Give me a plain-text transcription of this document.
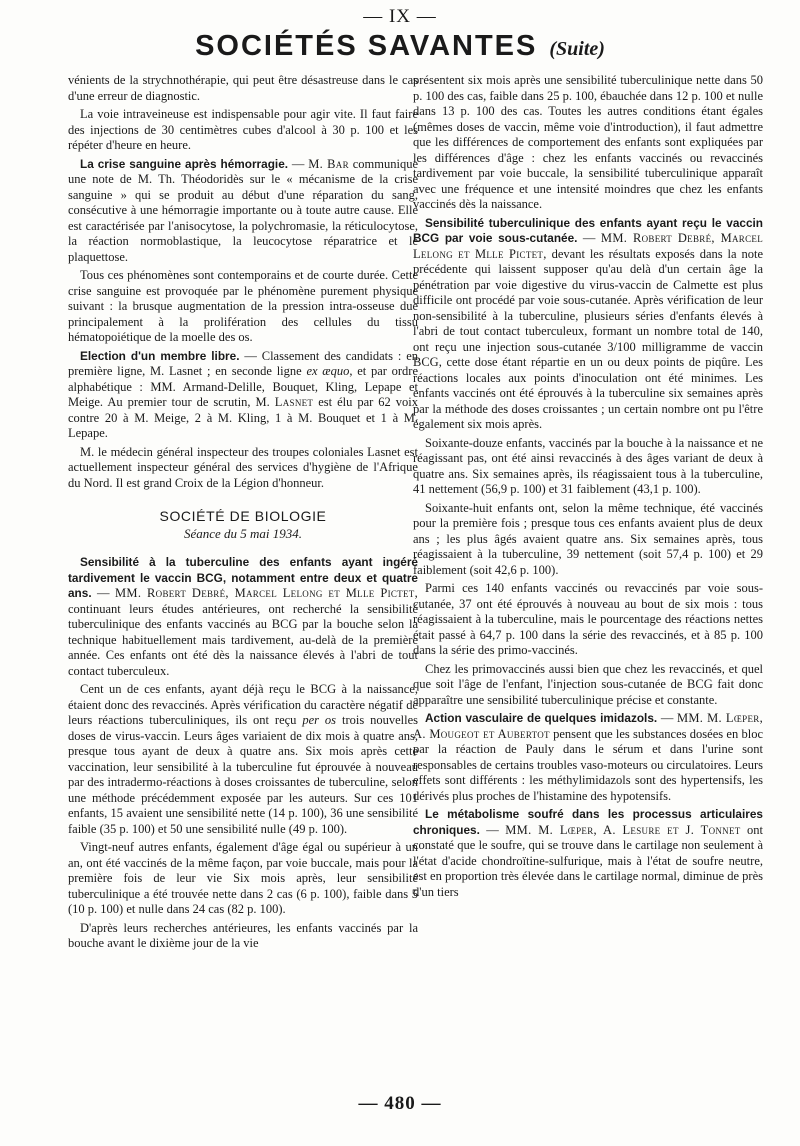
— IX —
SOCIÉTÉS SAVANTES (Suite)

vénients de la strychnothérapie, qui peut être désastreuse dans le cas d'une erreur de diagnostic.

La voie intraveineuse est indispensable pour agir vite. Il faut faire des injections de 30 centimètres cubes d'alcool à 30 p. 100 et les répéter d'heure en heure.

La crise sanguine après hémorragie. — M. Bar communique une note de M. Th. Théodoridès sur le « mécanisme de la crise sanguine » qui se produit au début d'une réparation du sang, consécutive à une hémorragie importante ou à toute autre cause. Elle est caractérisée par l'anisocytose, la polychromasie, la réticulocytose, la réaction normoblastique, la leucocytose réparatrice et le plaquettose.

Tous ces phénomènes sont contemporains et de courte durée. Cette crise sanguine est provoquée par le phénomène purement physique suivant : la brusque augmentation de la pression intra-osseuse due principalement à la prolifération des cellules du tissu hématopoiétique de la moelle des os.

Election d'un membre libre. — Classement des candidats : en première ligne, M. Lasnet ; en seconde ligne ex æquo, et par ordre alphabétique : MM. Armand-Delille, Bouquet, Kling, Lepape et Meige. Au premier tour de scrutin, M. Lasnet est élu par 62 voix contre 20 à M. Meige, 2 à M. Kling, 1 à M. Bouquet et 1 à M. Lepape.

M. le médecin général inspecteur des troupes coloniales Lasnet est actuellement inspecteur général des services d'hygiène de l'Afrique du Nord. Il est grand Croix de la Légion d'honneur.

SOCIÉTÉ DE BIOLOGIE
Séance du 5 mai 1934.

Sensibilité à la tuberculine des enfants ayant ingéré tardivement le vaccin BCG, notamment entre deux et quatre ans. — MM. Robert Debré, Marcel Lelong et Mlle Pictet, continuant leurs études antérieures, ont recherché la sensibilité tuberculinique des enfants vaccinés au BCG par la bouche selon la technique habituellement mais tardivement, au-delà de la première année. Ces enfants ont été dès la naissance élevés à l'abri de tout contact tuberculeux.

Cent un de ces enfants, ayant déjà reçu le BCG à la naissance, étaient donc des revaccinés. Après vérification du caractère négatif de leurs réactions tuberculiniques, ils ont reçu per os trois nouvelles doses de virus-vaccin. Leurs âges variaient de dix mois à quatre ans, presque tous ayant de deux à quatre ans. Six mois après cette vaccination, leur sensibilité à la tuberculine fut éprouvée à nouveau par des intradermo-réactions à doses croissantes de tuberculine, selon une méthode précédemment exposée par les auteurs. Sur ces 101 enfants, 15 avaient une sensibilité nette (14 p. 100), 36 une sensibilité faible (35 p. 100) et 50 une sensibilité nulle (49 p. 100).

Vingt-neuf autres enfants, également d'âge égal ou supérieur à un an, ont été vaccinés de la même façon, par voie buccale, mais pour la première fois de leur vie Six mois après, leur sensibilité tuberculinique a été trouvée nette dans 2 cas (6 p. 100), faible dans 5 (10 p. 100) et nulle dans 24 cas (82 p. 100).

D'après leurs recherches antérieures, les enfants vaccinés par la bouche avant le dixième jour de la vie

présentent six mois après une sensibilité tuberculinique nette dans 50 p. 100 des cas, faible dans 25 p. 100, ébauchée dans 12 p. 100 et nulle dans 13 p. 100 des cas. Toutes les autres conditions étant égales (mêmes doses de vaccin, même voie d'introduction), il faut admettre que les différences de comportement des enfants sont expliquées par les différences d'âge : chez les enfants vaccinés ou revaccinés tardivement par voie buccale, la sensibilité tuberculinique apparaît avec une fréquence et une intensité moindres que chez les enfants vaccinés dès la naissance.

Sensibilité tuberculinique des enfants ayant reçu le vaccin BCG par voie sous-cutanée. — MM. Robert Debré, Marcel Lelong et Mlle Pictet, devant les résultats exposés dans la note précédente qui laissent supposer qu'au delà d'un certain âge la pénétration par voie digestive du virus-vaccin de Calmette est plus difficile ont procédé par voie sous-cutanée. Après vérification de leur non-sensibilité à la tuberculine, plusieurs séries d'enfants élevés à l'abri de tout contact tuberculeux, formant un nombre total de 140, ont reçu une injection sous-cutanée 3/100 milligramme de vaccin BCG, cette dose étant répartie en un ou deux points de piqûre. Les réactions locales aux points d'inoculation ont été minimes. Les enfants vaccinés ont été éprouvés à la tuberculine six semaines après par la méthode des doses croissantes ; un certain nombre ont pu l'être également six mois après.

Soixante-douze enfants, vaccinés par la bouche à la naissance et ne réagissant pas, ont été ainsi revaccinés à des âges variant de deux à quatre ans. Six semaines après, ils réagissaient tous à la tuberculine, 41 nettement (56,9 p. 100) et 31 faiblement (43,1 p. 100).

Soixante-huit enfants ont, selon la même technique, été vaccinés pour la première fois ; presque tous ces enfants avaient plus de deux ans ; les plus âgés avaient quatre ans. Six semaines après, tous réagissaient à la tuberculine, 39 nettement (soit 57,4 p. 100) et 29 faiblement (soit 42,6 p. 100).

Parmi ces 140 enfants vaccinés ou revaccinés par voie sous-cutanée, 37 ont été éprouvés à nouveau au bout de six mois : tous réagissaient à la tuberculine, mais le pourcentage des réactions nettes était passé à 64,7 p. 100 dans la série des revaccinés, et à 85 p. 100 dans la série des primo-vaccinés.

Chez les primovaccinés aussi bien que chez les revaccinés, et quel que soit l'âge de l'enfant, l'injection sous-cutanée de BCG fait donc apparaître une sensibilité tuberculinique précise et constante.

Action vasculaire de quelques imidazols. — MM. M. Lœper, A. Mougeot et Aubertot pensent que les substances dosées en bloc par la réaction de Pauly dans le sérum et dans l'urine sont responsables de certains troubles vaso-moteurs ou circulatoires. Leurs effets sont différents : les méthylimidazols sont des hypertensifs, les dérivés plus proches de l'histamine des hypotensifs.

Le métabolisme soufré dans les processus articulaires chroniques. — MM. M. Lœper, A. Lesure et J. Tonnet ont constaté que le soufre, qui se trouve dans le cartilage non seulement à l'état d'acide chondroïtine-sulfurique, mais à l'état de soufre neutre, est en proportion très élevée dans le cartilage normal, diminue de près d'un tiers

— 480 —
